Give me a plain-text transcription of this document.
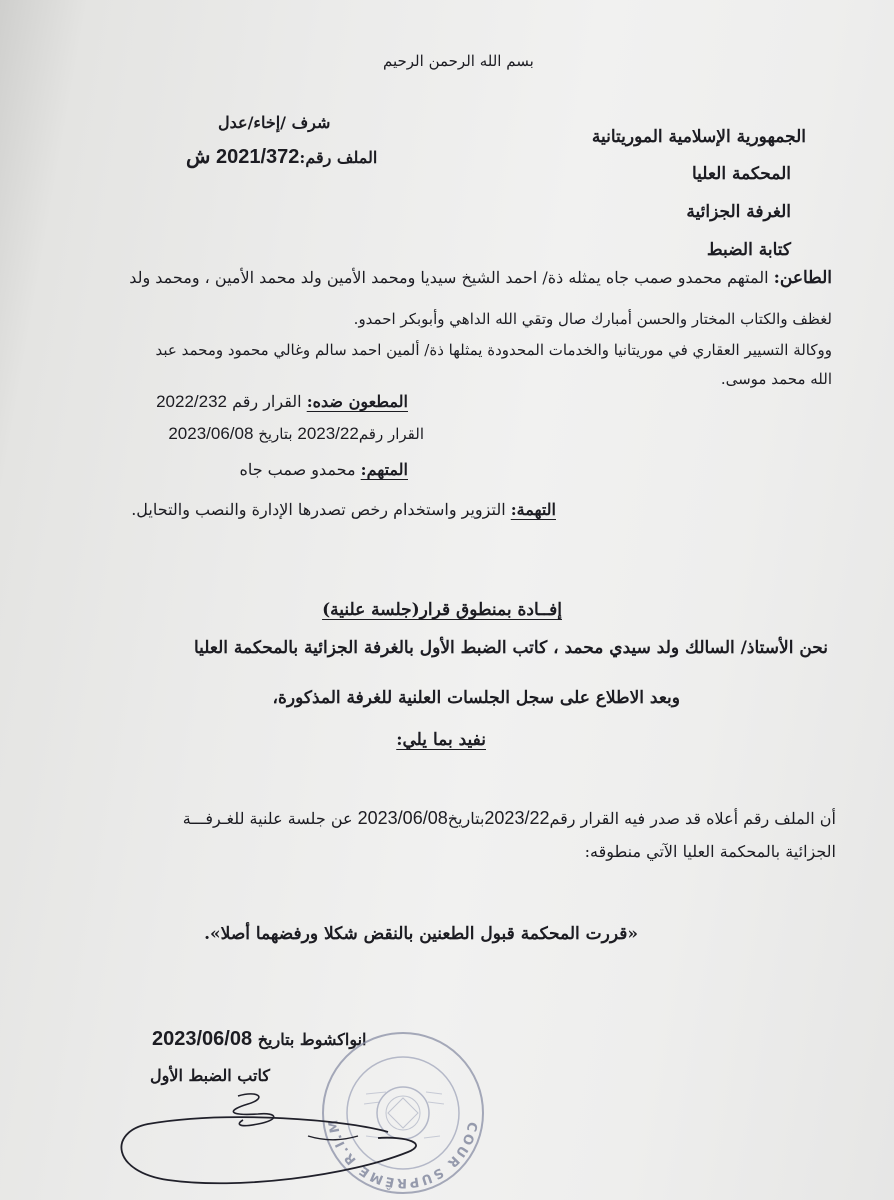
بسم الله الرحمن الرحيم
الجمهورية الإسلامية الموريتانية
المحكمة العليا
الغرفة الجزائية
كتابة الضبط
شرف /إخاء/عدل
الملف رقم:2021/372 ش
الطاعن: المتهم محمدو صمب جاه يمثله ذة/ احمد الشيخ سيديا ومحمد الأمين ولد محمد الأمين ، ومحمد ولد
لغظف والكتاب المختار والحسن أمبارك صال وتقي الله الداهي وأبوبكر احمدو.
ووكالة التسيير العقاري في موريتانيا والخدمات المحدودة يمثلها ذة/ ألمين احمد سالم وغالي محمود ومحمد عبد
الله محمد موسى.
المطعون ضده: القرار رقم 2022/232
القرار رقم2023/22 بتاريخ 2023/06/08
المتهم: محمدو صمب جاه
التهمة: التزوير واستخدام رخص تصدرها الإدارة والنصب والتحايل.
إفــادة بمنطوق قرار(جلسة علنية)
نحن الأستاذ/ السالك ولد سيدي محمد ، كاتب الضبط الأول بالغرفة الجزائية بالمحكمة العليا
وبعد الاطلاع على سجل الجلسات العلنية للغرفة المذكورة،
نفيد بما يلي:
أن الملف رقم أعلاه قد صدر فيه القرار رقم2023/22بتاريخ2023/06/08 عن جلسة علنية للغـرفـــة
الجزائية بالمحكمة العليا الآتي منطوقه:
«قررت المحكمة قبول الطعنين بالنقض شكلا ورفضهما أصلا».
انواكشوط بتاريخ 2023/06/08
كاتب الضبط الأول
COUR SUPRÊME R.I.M
